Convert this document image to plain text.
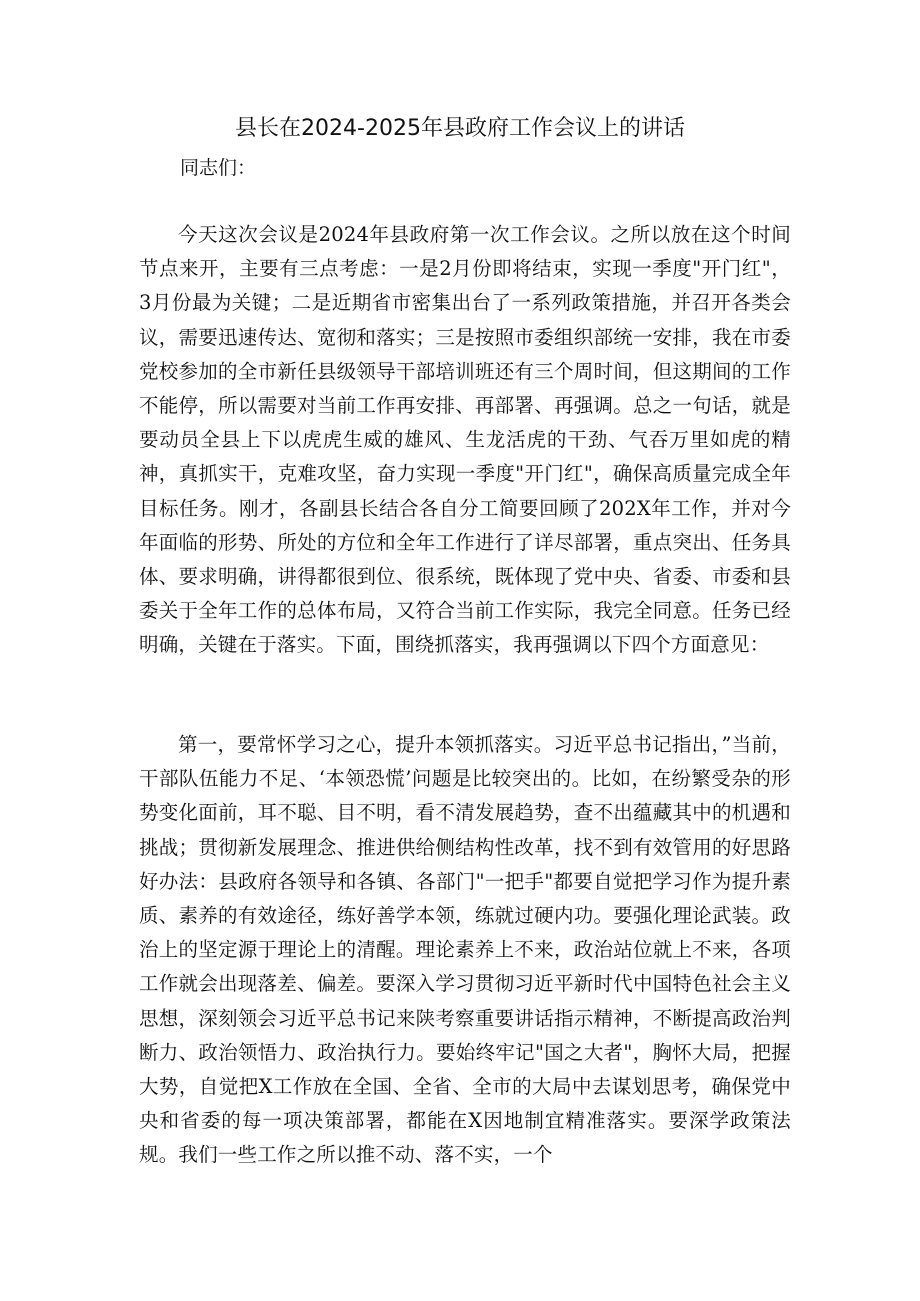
县长在2024-2025年县政府工作会议上的讲话

同志们：

今天这次会议是2024年县政府第一次工作会议。之所以放在这个时间节点来开，主要有三点考虑：一是2月份即将结束，实现一季度"开门红"，3月份最为关键；二是近期省市密集出台了一系列政策措施，并召开各类会议，需要迅速传达、宽彻和落实；三是按照市委组织部统一安排，我在市委党校参加的全市新任县级领导干部培训班还有三个周时间，但这期间的工作不能停，所以需要对当前工作再安排、再部署、再强调。总之一句话，就是要动员全县上下以虎虎生威的雄风、生龙活虎的干劲、气吞万里如虎的精神，真抓实干，克难攻坚，奋力实现一季度"开门红"，确保高质量完成全年目标任务。刚才，各副县长结合各自分工简要回顾了202X年工作，并对今年面临的形势、所处的方位和全年工作进行了详尽部署，重点突出、任务具体、要求明确，讲得都很到位、很系统，既体现了党中央、省委、市委和县委关于全年工作的总体布局，又符合当前工作实际，我完全同意。任务已经明确，关键在于落实。下面，围绕抓落实，我再强调以下四个方面意见：

第一，要常怀学习之心，提升本领抓落实。习近平总书记指出，”当前，干部队伍能力不足、‘本领恐慌’问题是比较突出的。比如，在纷繁受杂的形势变化面前，耳不聪、目不明，看不清发展趋势，查不出蕴藏其中的机遇和挑战；贯彻新发展理念、推进供给侧结构性改革，找不到有效管用的好思路好办法：县政府各领导和各镇、各部门"一把手"都要自觉把学习作为提升素质、素养的有效途径，练好善学本领，练就过硬内功。要强化理论武装。政治上的坚定源于理论上的清醒。理论素养上不来，政治站位就上不来，各项工作就会出现落差、偏差。要深入学习贯彻习近平新时代中国特色社会主义思想，深刻领会习近平总书记来陕考察重要讲话指示精神，不断提高政治判断力、政治领悟力、政治执行力。要始终牢记"国之大者"，胸怀大局，把握大势，自觉把X工作放在全国、全省、全市的大局中去谋划思考，确保党中央和省委的每一项决策部署，都能在X因地制宜精准落实。要深学政策法规。我们一些工作之所以推不动、落不实，一个
